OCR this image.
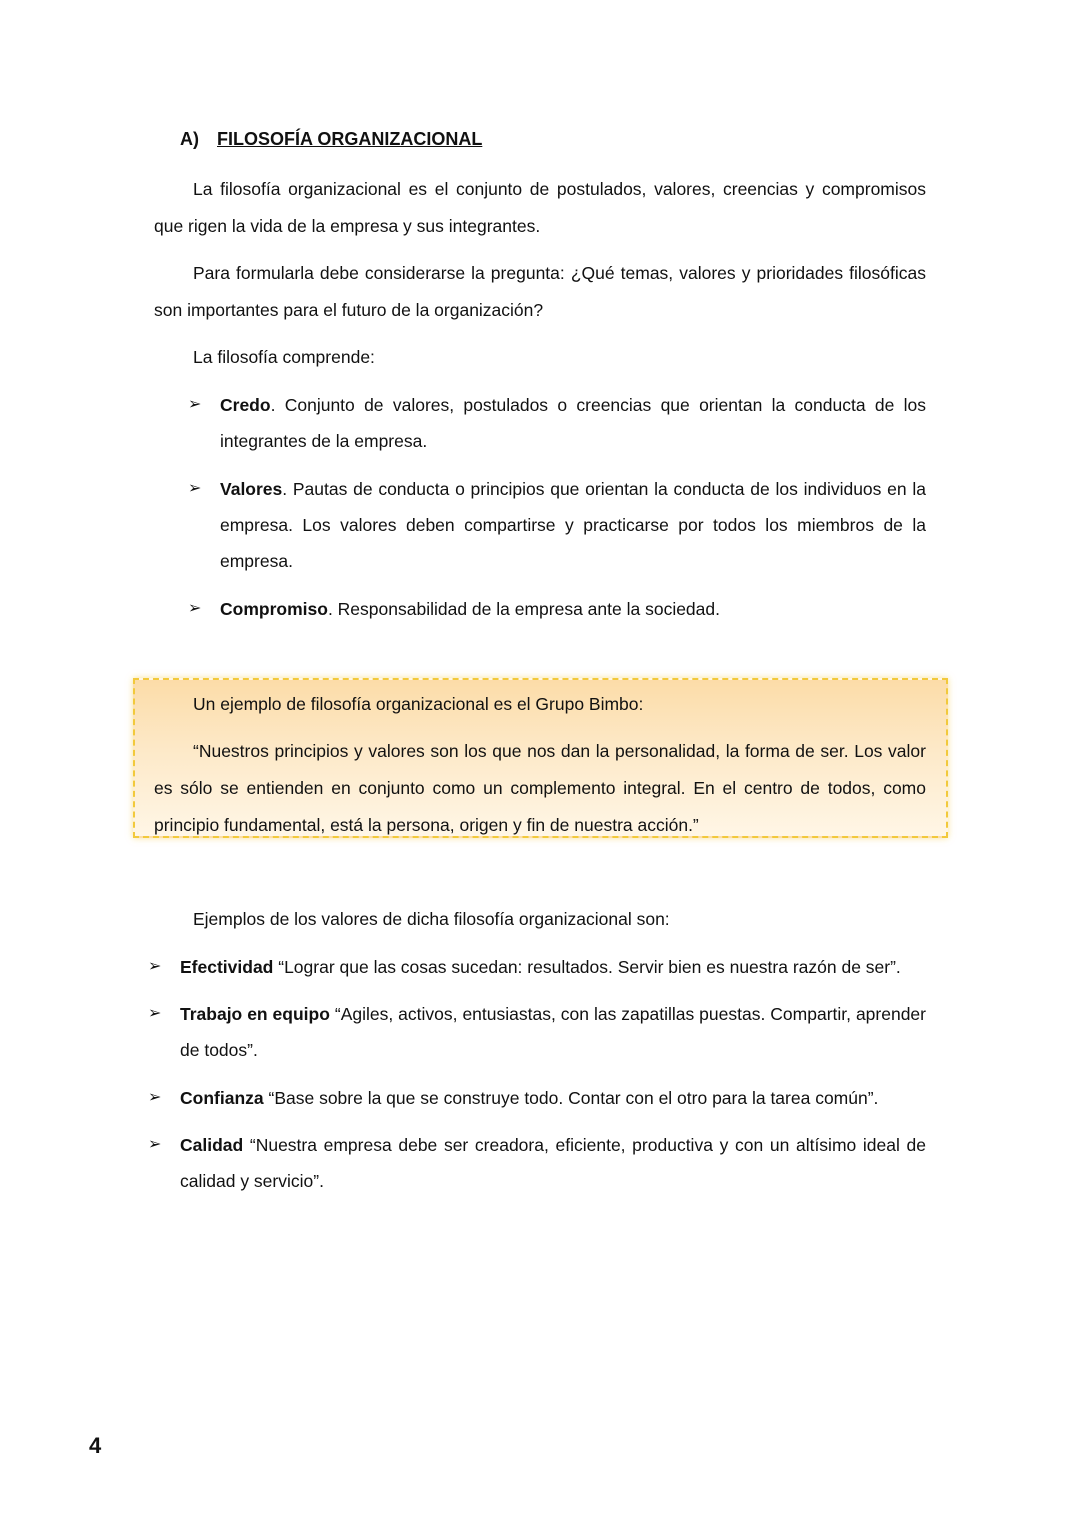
A) FILOSOFÍA ORGANIZACIONAL

La filosofía organizacional es el conjunto de postulados, valores, creencias y compromisos que rigen la vida de la empresa y sus integrantes.

Para formularla debe considerarse la pregunta: ¿Qué temas, valores y prioridades filosóficas son importantes para el futuro de la organización?

La filosofía comprende:

➢ Credo. Conjunto de valores, postulados o creencias que orientan la conducta de los integrantes de la empresa.
➢ Valores. Pautas de conducta o principios que orientan la conducta de los individuos en la empresa. Los valores deben compartirse y practicarse por todos los miembros de la empresa.
➢ Compromiso. Responsabilidad de la empresa ante la sociedad.

Un ejemplo de filosofía organizacional es el Grupo Bimbo:

“Nuestros principios y valores son los que nos dan la personalidad, la forma de ser. Los valor es sólo se entienden en conjunto como un complemento integral. En el centro de todos, como principio fundamental, está la persona, origen y fin de nuestra acción.”

Ejemplos de los valores de dicha filosofía organizacional son:

➢ Efectividad “Lograr que las cosas sucedan: resultados. Servir bien es nuestra razón de ser”.
➢ Trabajo en equipo “Agiles, activos, entusiastas, con las zapatillas puestas. Compartir, aprender de todos”.
➢ Confianza “Base sobre la que se construye todo. Contar con el otro para la tarea común”.
➢ Calidad “Nuestra empresa debe ser creadora, eficiente, productiva y con un altísimo ideal de calidad y servicio”.
4
